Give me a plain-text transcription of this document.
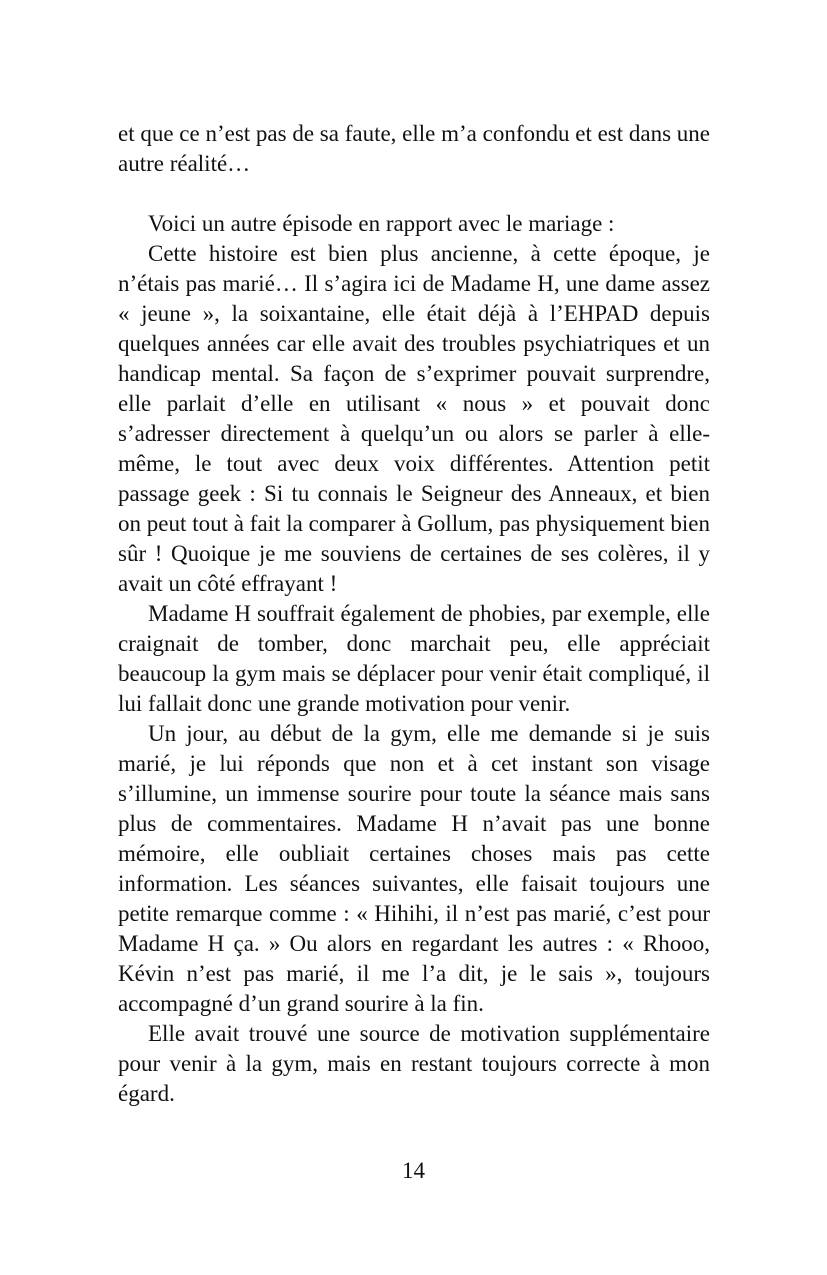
et que ce n’est pas de sa faute, elle m’a confondu et est dans une autre réalité…

Voici un autre épisode en rapport avec le mariage :

Cette histoire est bien plus ancienne, à cette époque, je n’étais pas marié… Il s’agira ici de Madame H, une dame assez « jeune », la soixantaine, elle était déjà à l’EHPAD depuis quelques années car elle avait des troubles psychiatriques et un handicap mental. Sa façon de s’exprimer pouvait surprendre, elle parlait d’elle en utilisant « nous » et pouvait donc s’adresser directement à quelqu’un ou alors se parler à elle-même, le tout avec deux voix différentes. Attention petit passage geek : Si tu connais le Seigneur des Anneaux, et bien on peut tout à fait la comparer à Gollum, pas physiquement bien sûr ! Quoique je me souviens de certaines de ses colères, il y avait un côté effrayant !

Madame H souffrait également de phobies, par exemple, elle craignait de tomber, donc marchait peu, elle appréciait beaucoup la gym mais se déplacer pour venir était compliqué, il lui fallait donc une grande motivation pour venir.

Un jour, au début de la gym, elle me demande si je suis marié, je lui réponds que non et à cet instant son visage s’illumine, un immense sourire pour toute la séance mais sans plus de commentaires. Madame H n’avait pas une bonne mémoire, elle oubliait certaines choses mais pas cette information. Les séances suivantes, elle faisait toujours une petite remarque comme : « Hihihi, il n’est pas marié, c’est pour Madame H ça. » Ou alors en regardant les autres : « Rhooo, Kévin n’est pas marié, il me l’a dit, je le sais », toujours accompagné d’un grand sourire à la fin.

Elle avait trouvé une source de motivation supplémentaire pour venir à la gym, mais en restant toujours correcte à mon égard.

14
